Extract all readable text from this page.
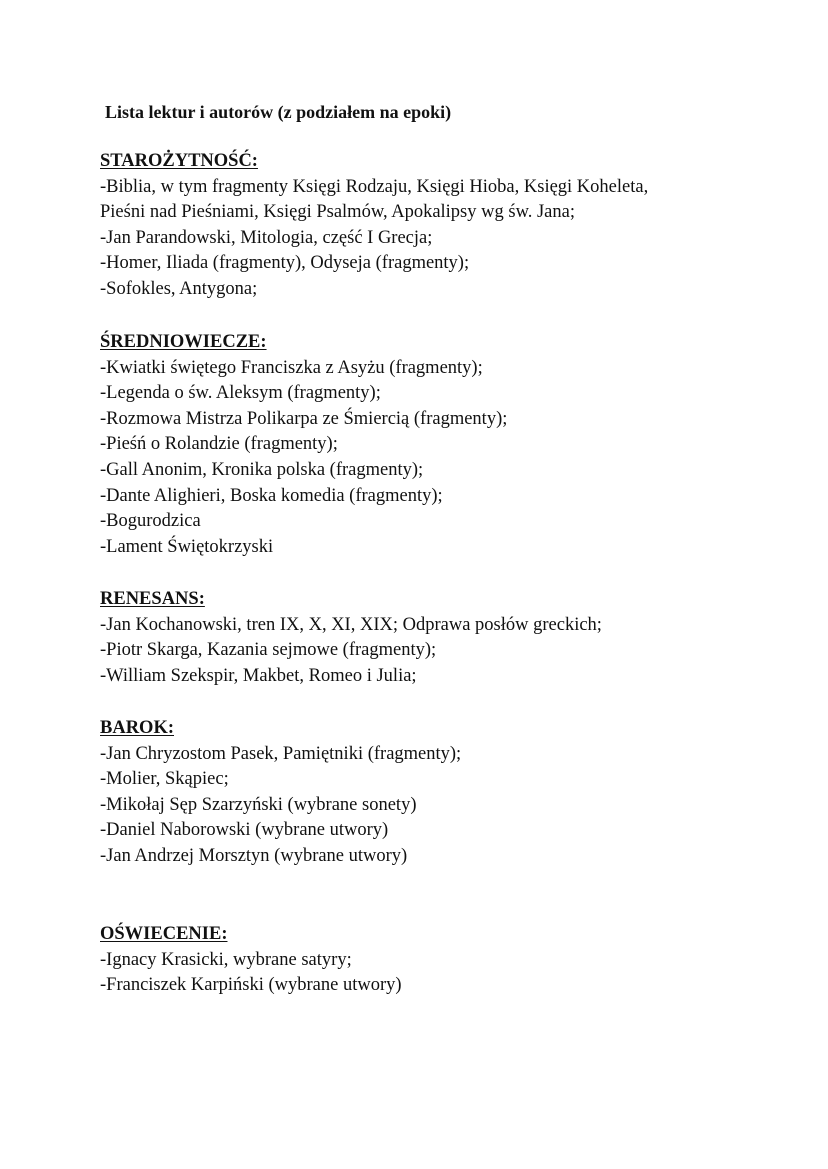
Lista lektur i autorów (z podziałem na epoki)
STAROŻYTNOŚĆ:
-Biblia, w tym fragmenty Księgi Rodzaju, Księgi Hioba, Księgi Koheleta,
Pieśni nad Pieśniami, Księgi Psalmów, Apokalipsy wg św. Jana;
-Jan Parandowski, Mitologia, część I Grecja;
-Homer, Iliada (fragmenty), Odyseja (fragmenty);
-Sofokles, Antygona;
ŚREDNIOWIECZE:
-Kwiatki świętego Franciszka z Asyżu (fragmenty);
-Legenda o św. Aleksym (fragmenty);
-Rozmowa Mistrza Polikarpa ze Śmiercią (fragmenty);
-Pieśń o Rolandzie (fragmenty);
-Gall Anonim, Kronika polska (fragmenty);
-Dante Alighieri, Boska komedia (fragmenty);
-Bogurodzica
-Lament Świętokrzyski
RENESANS:
-Jan Kochanowski, tren IX, X, XI, XIX; Odprawa posłów greckich;
-Piotr Skarga, Kazania sejmowe (fragmenty);
-William Szekspir, Makbet, Romeo i Julia;
BAROK:
-Jan Chryzostom Pasek, Pamiętniki (fragmenty);
-Molier, Skąpiec;
-Mikołaj Sęp Szarzyński (wybrane sonety)
-Daniel Naborowski (wybrane utwory)
-Jan Andrzej Morsztyn (wybrane utwory)
OŚWIECENIE:
-Ignacy Krasicki, wybrane satyry;
-Franciszek Karpiński (wybrane utwory)
